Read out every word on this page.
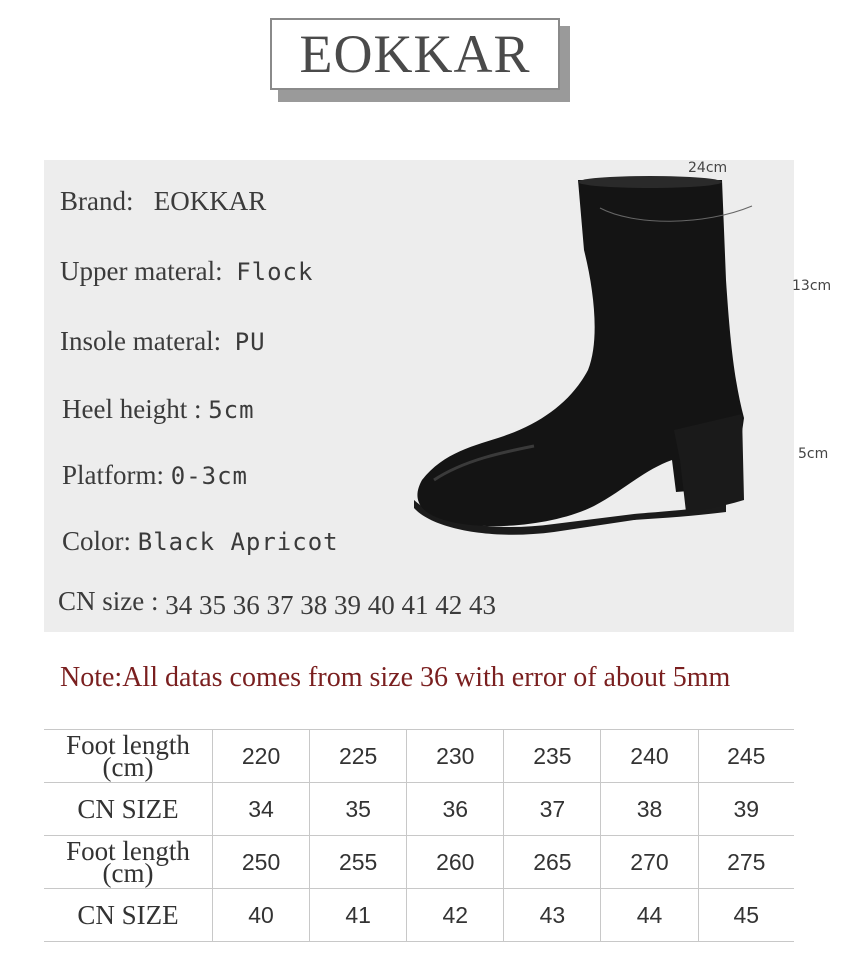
EOKKAR
Brand: EOKKAR
Upper materal: Flock
Insole materal: PU
Heel height : 5cm
Platform: 0-3cm
Color: Black Apricot
CN size : 34 35 36 37 38 39 40 41 42 43
24cm
13cm
5cm
Note:All datas comes from size 36 with error of about 5mm
Foot length
(cm)	220	225	230	235	240	245
CN SIZE	34	35	36	37	38	39
Foot length
(cm)	250	255	260	265	270	275
CN SIZE	40	41	42	43	44	45
